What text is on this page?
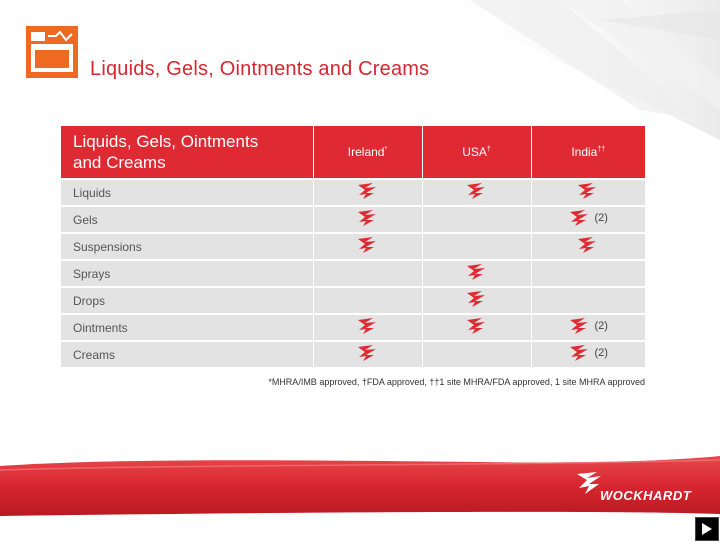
Liquids, Gels, Ointments and Creams
Liquids, Gels, Ointments
and Creams	Ireland*	USA†	India††
Liquids	

Gels			(2)

Suspensions	

Sprays		

Drops		

Ointments			(2)

Creams			(2)
*MHRA/IMB approved, †FDA approved, ††1 site MHRA/FDA approved, 1 site MHRA approved
WOCKHARDT
